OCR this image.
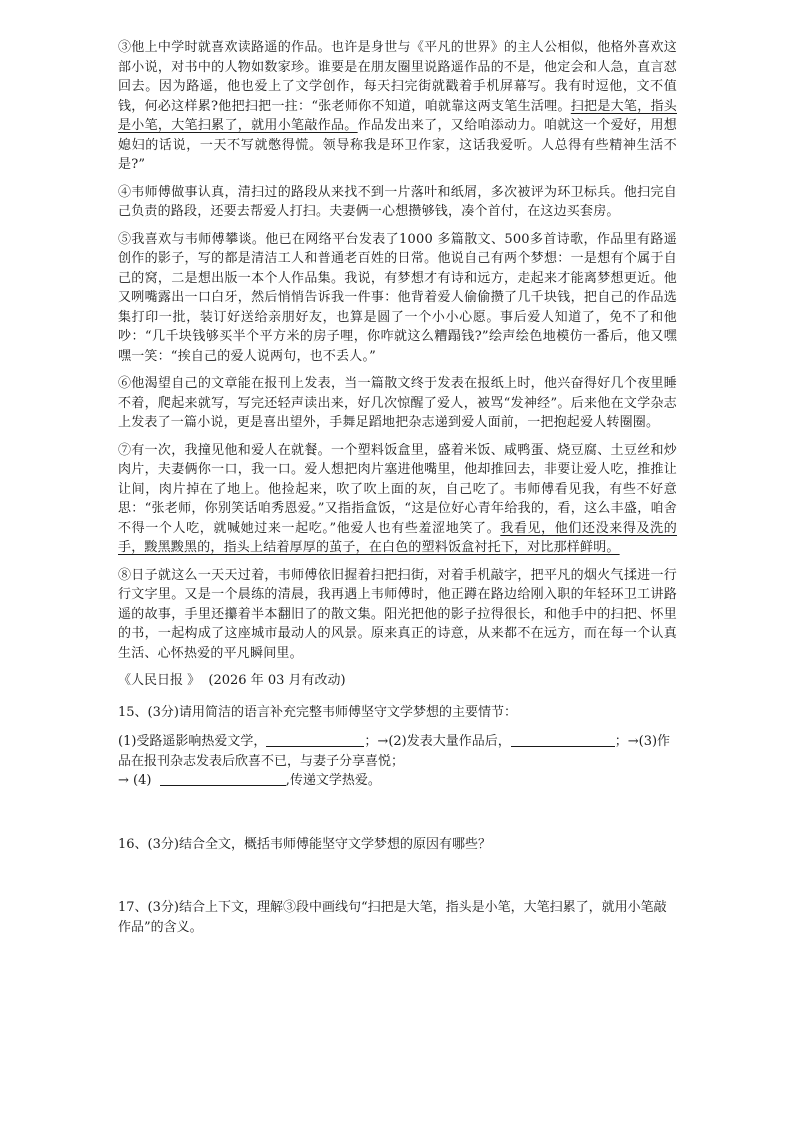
③他上中学时就喜欢读路遥的作品。也许是身世与《平凡的世界》的主人公相似，他格外喜欢这部小说，对书中的人物如数家珍。谁要是在朋友圈里说路遥作品的不是，他定会和人急，直言怼回去。因为路遥，他也爱上了文学创作，每天扫完街就戳着手机屏幕写。我有时逗他，文不值钱，何必这样累?他把扫把一拄：“张老师你不知道，咱就靠这两支笔生活哩。扫把是大笔，指头是小笔，大笔扫累了，就用小笔敲作品。作品发出来了，又给咱添动力。咱就这一个爱好，用想媳妇的话说，一天不写就憋得慌。领导称我是环卫作家，这话我爱听。人总得有些精神生活不是?”

④韦师傅做事认真，清扫过的路段从来找不到一片落叶和纸屑，多次被评为环卫标兵。他扫完自己负责的路段，还要去帮爱人打扫。夫妻俩一心想攒够钱，凑个首付，在这边买套房。

⑤我喜欢与韦师傅攀谈。他已在网络平台发表了1000 多篇散文、500多首诗歌，作品里有路遥创作的影子，写的都是清洁工人和普通老百姓的日常。他说自己有两个梦想：一是想有个属于自己的窝，二是想出版一本个人作品集。我说，有梦想才有诗和远方，走起来才能离梦想更近。他又咧嘴露出一口白牙，然后悄悄告诉我一件事：他背着爱人偷偷攒了几千块钱，把自己的作品选集打印一批，装订好送给亲朋好友，也算是圆了一个小小心愿。事后爱人知道了，免不了和他吵：“几千块钱够买半个平方米的房子哩，你咋就这么糟蹋钱?”绘声绘色地模仿一番后，他又嘿嘿一笑：“挨自己的爱人说两句，也不丢人。”

⑥他渴望自己的文章能在报刊上发表，当一篇散文终于发表在报纸上时，他兴奋得好几个夜里睡不着，爬起来就写，写完还轻声读出来，好几次惊醒了爱人，被骂“发神经”。后来他在文学杂志上发表了一篇小说，更是喜出望外，手舞足蹈地把杂志递到爱人面前，一把抱起爱人转圈圈。

⑦有一次，我撞见他和爱人在就餐。一个塑料饭盒里，盛着米饭、咸鸭蛋、烧豆腐、土豆丝和炒肉片，夫妻俩你一口，我一口。爱人想把肉片塞进他嘴里，他却推回去，非要让爱人吃，推推让让间，肉片掉在了地上。他捡起来，吹了吹上面的灰，自己吃了。韦师傅看见我，有些不好意思：“张老师，你别笑话咱秀恩爱。”又指指盒饭，“这是位好心青年给我的，看，这么丰盛，咱舍不得一个人吃，就喊她过来一起吃。”他爱人也有些羞涩地笑了。我看见，他们还没来得及洗的手，黢黑黢黑的，指头上结着厚厚的茧子，在白色的塑料饭盒衬托下，对比那样鲜明。

⑧日子就这么一天天过着，韦师傅依旧握着扫把扫街，对着手机敲字，把平凡的烟火气揉进一行行文字里。又是一个晨练的清晨，我再遇上韦师傅时，他正蹲在路边给刚入职的年轻环卫工讲路遥的故事，手里还攥着半本翻旧了的散文集。阳光把他的影子拉得很长，和他手中的扫把、怀里的书，一起构成了这座城市最动人的风景。原来真正的诗意，从来都不在远方，而在每一个认真生活、心怀热爱的平凡瞬间里。

《人民日报 》 (2026 年 03 月有改动)

15、(3分)请用简洁的语言补充完整韦师傅坚守文学梦想的主要情节：

(1)受路遥影响热爱文学，	；→(2)发表大量作品后，	；→(3)作品在报刊杂志发表后欣喜不已，与妻子分享喜悦；
→ (4)	,传递文学热爱。

16、(3分)结合全文，概括韦师傅能坚守文学梦想的原因有哪些？

17、(3分)结合上下文，理解③段中画线句“扫把是大笔，指头是小笔，大笔扫累了，就用小笔敲作品”的含义。
